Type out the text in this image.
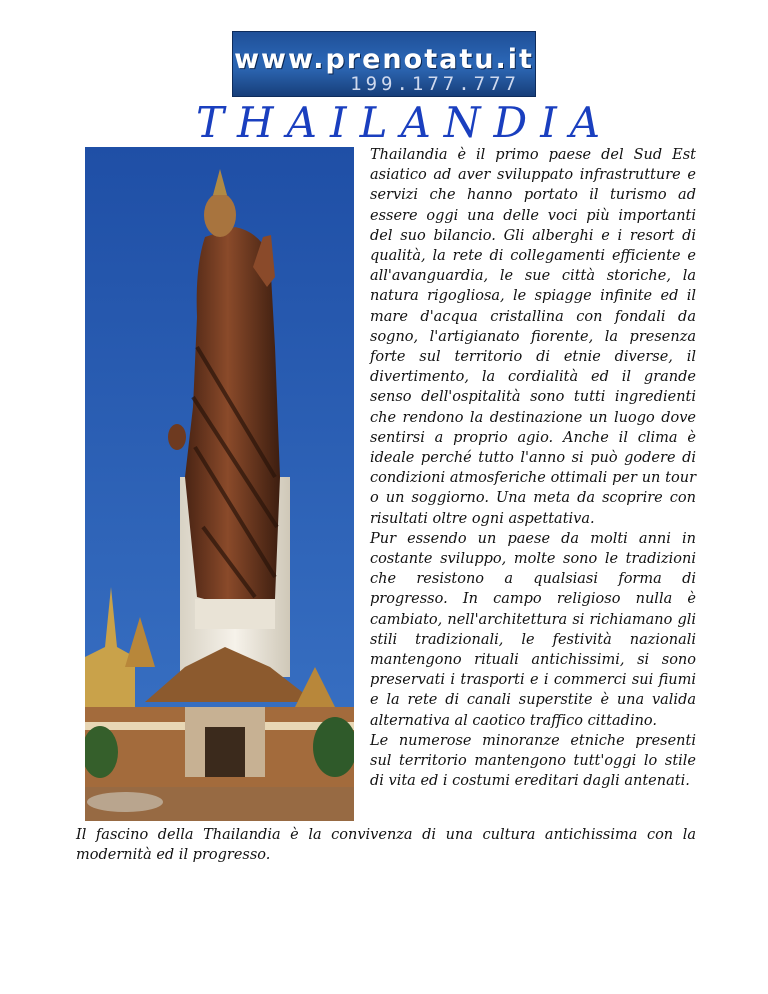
www.prenotatu.it
199.177.777
THAILANDIA

Thailandia è il primo paese del Sud Est asiatico ad aver sviluppato infrastrutture e servizi che hanno portato il turismo ad essere oggi una delle voci più importanti del suo bilancio. Gli alberghi e i resort di qualità, la rete di collegamenti efficiente e all'avanguardia, le sue città storiche, la natura rigogliosa, le spiagge infinite ed il mare d'acqua cristallina con fondali da sogno, l'artigianato fiorente, la presenza forte sul territorio di etnie diverse, il divertimento, la cordialità ed il grande senso dell'ospitalità sono tutti ingredienti che rendono la destinazione un luogo dove sentirsi a proprio agio. Anche il clima è ideale perché tutto l'anno si può godere di condizioni atmosferiche ottimali per un tour o un soggiorno. Una meta da scoprire con risultati oltre ogni aspettativa.

Pur essendo un paese da molti anni in costante sviluppo, molte sono le tradizioni che resistono a qualsiasi forma di progresso. In campo religioso nulla è cambiato, nell'architettura si richiamano gli stili tradizionali, le festività nazionali mantengono rituali antichissimi, si sono preservati i trasporti e i commerci sui fiumi e la rete di canali superstite è una valida alternativa al caotico traffico cittadino.

Le numerose minoranze etniche presenti sul territorio mantengono tutt'oggi lo stile di vita ed i costumi ereditari dagli antenati.

Il fascino della Thailandia è la convivenza di una cultura antichissima con la modernità ed il progresso.
